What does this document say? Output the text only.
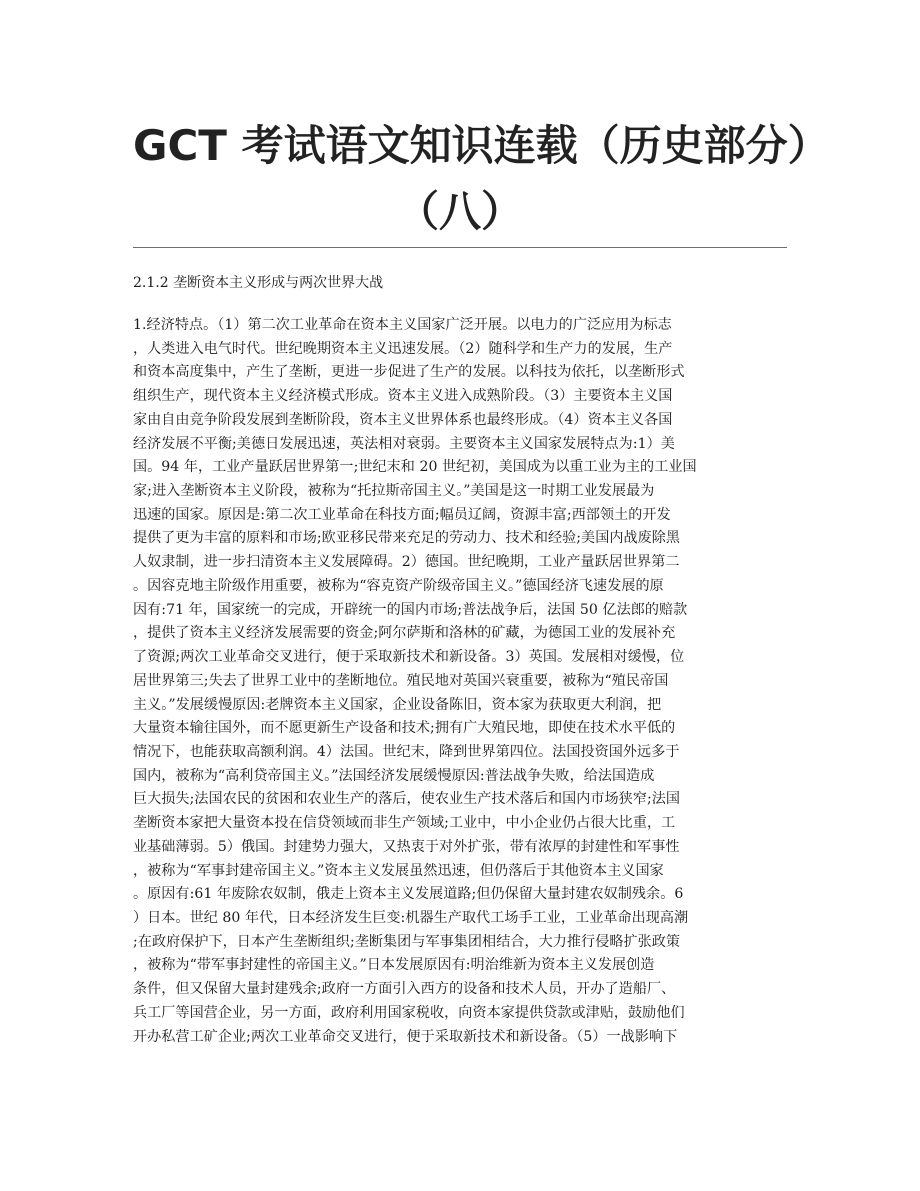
GCT 考试语文知识连载（历史部分）
（八）

2.1.2 垄断资本主义形成与两次世界大战

1.经济特点。（1）第二次工业革命在资本主义国家广泛开展。以电力的广泛应用为标志
，人类进入电气时代。世纪晚期资本主义迅速发展。（2）随科学和生产力的发展，生产
和资本高度集中，产生了垄断，更进一步促进了生产的发展。以科技为依托，以垄断形式
组织生产，现代资本主义经济模式形成。资本主义进入成熟阶段。（3）主要资本主义国
家由自由竞争阶段发展到垄断阶段，资本主义世界体系也最终形成。（4）资本主义各国
经济发展不平衡;美德日发展迅速，英法相对衰弱。主要资本主义国家发展特点为:1）美
国。94 年，工业产量跃居世界第一;世纪末和 20 世纪初，美国成为以重工业为主的工业国
家;进入垄断资本主义阶段，被称为“托拉斯帝国主义。”美国是这一时期工业发展最为
迅速的国家。原因是:第二次工业革命在科技方面;幅员辽阔，资源丰富;西部领土的开发
提供了更为丰富的原料和市场;欧亚移民带来充足的劳动力、技术和经验;美国内战废除黑
人奴隶制，进一步扫清资本主义发展障碍。2）德国。世纪晚期，工业产量跃居世界第二
。因容克地主阶级作用重要，被称为“容克资产阶级帝国主义。”德国经济飞速发展的原
因有:71 年，国家统一的完成，开辟统一的国内市场;普法战争后，法国 50 亿法郎的赔款
，提供了资本主义经济发展需要的资金;阿尔萨斯和洛林的矿藏，为德国工业的发展补充
了资源;两次工业革命交叉进行，便于采取新技术和新设备。3）英国。发展相对缓慢，位
居世界第三;失去了世界工业中的垄断地位。殖民地对英国兴衰重要，被称为“殖民帝国
主义。”发展缓慢原因:老牌资本主义国家，企业设备陈旧，资本家为获取更大利润，把
大量资本输往国外，而不愿更新生产设备和技术;拥有广大殖民地，即使在技术水平低的
情况下，也能获取高额利润。4）法国。世纪末，降到世界第四位。法国投资国外远多于
国内，被称为“高利贷帝国主义。”法国经济发展缓慢原因:普法战争失败，给法国造成
巨大损失;法国农民的贫困和农业生产的落后，使农业生产技术落后和国内市场狭窄;法国
垄断资本家把大量资本投在信贷领域而非生产领域;工业中，中小企业仍占很大比重，工
业基础薄弱。5）俄国。封建势力强大，又热衷于对外扩张，带有浓厚的封建性和军事性
，被称为“军事封建帝国主义。”资本主义发展虽然迅速，但仍落后于其他资本主义国家
。原因有:61 年废除农奴制，俄走上资本主义发展道路;但仍保留大量封建农奴制残余。6
）日本。世纪 80 年代，日本经济发生巨变:机器生产取代工场手工业，工业革命出现高潮
;在政府保护下，日本产生垄断组织;垄断集团与军事集团相结合，大力推行侵略扩张政策
，被称为“带军事封建性的帝国主义。”日本发展原因有:明治维新为资本主义发展创造
条件，但又保留大量封建残余;政府一方面引入西方的设备和技术人员，开办了造船厂、
兵工厂等国营企业，另一方面，政府利用国家税收，向资本家提供贷款或津贴，鼓励他们
开办私营工矿企业;两次工业革命交叉进行，便于采取新技术和新设备。（5）一战影响下
